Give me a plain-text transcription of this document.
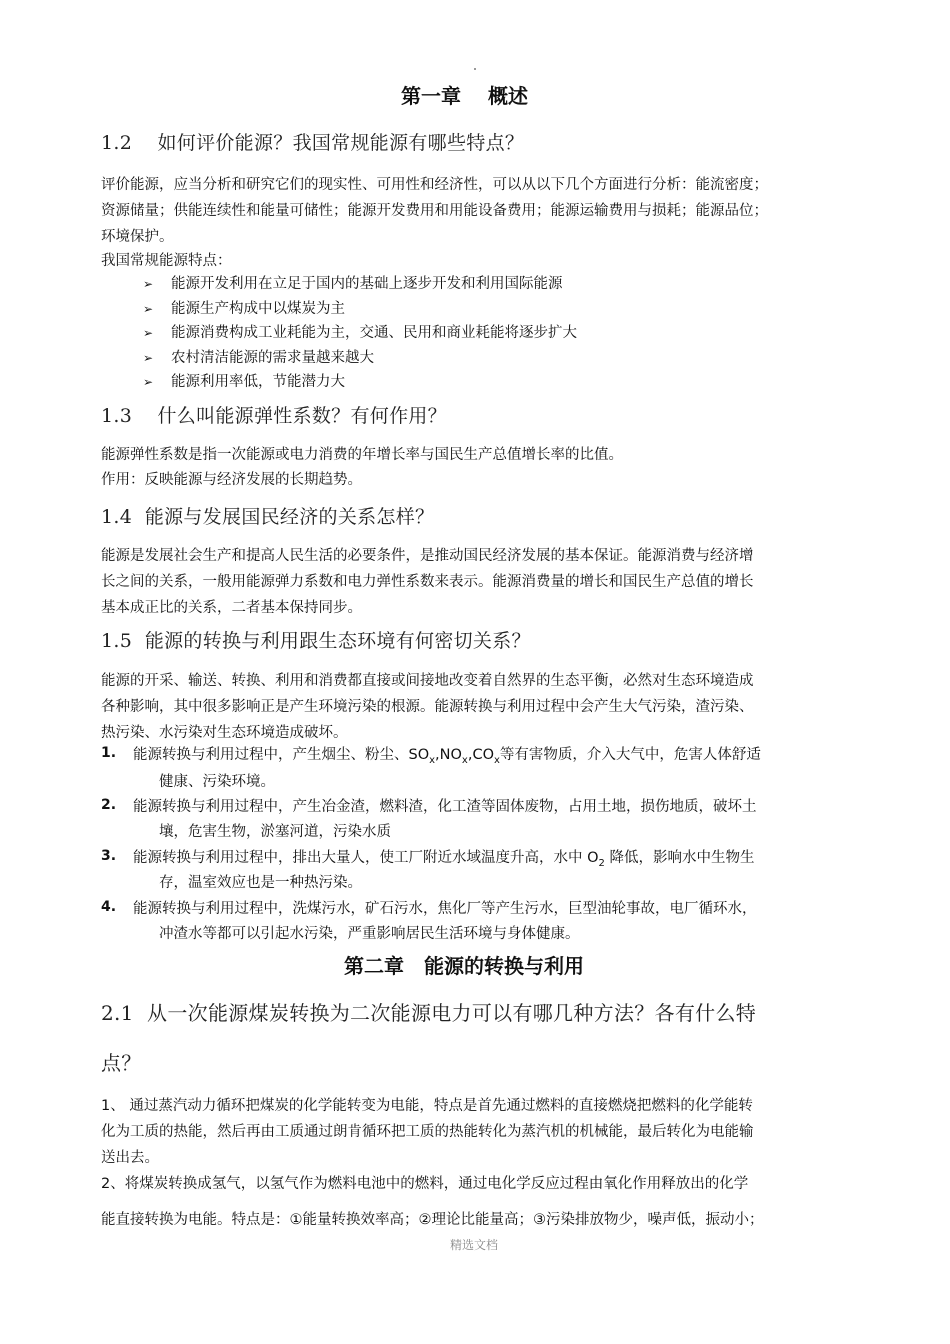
第一章　 概述
1.2 如何评价能源？我国常规能源有哪些特点？
评价能源，应当分析和研究它们的现实性、可用性和经济性，可以从以下几个方面进行分析：能流密度；
资源储量；供能连续性和能量可储性；能源开发费用和用能设备费用；能源运输费用与损耗；能源品位；
环境保护。
我国常规能源特点：
➢ 能源开发利用在立足于国内的基础上逐步开发和利用国际能源
➢ 能源生产构成中以煤炭为主
➢ 能源消费构成工业耗能为主，交通、民用和商业耗能将逐步扩大
➢ 农村清洁能源的需求量越来越大
➢ 能源利用率低，节能潜力大
1.3 什么叫能源弹性系数？有何作用？
能源弹性系数是指一次能源或电力消费的年增长率与国民生产总值增长率的比值。
作用：反映能源与经济发展的长期趋势。
1.4 能源与发展国民经济的关系怎样？
能源是发展社会生产和提高人民生活的必要条件，是推动国民经济发展的基本保证。能源消费与经济增
长之间的关系，一般用能源弹力系数和电力弹性系数来表示。能源消费量的增长和国民生产总值的增长
基本成正比的关系，二者基本保持同步。
1.5 能源的转换与利用跟生态环境有何密切关系？
能源的开采、输送、转换、利用和消费都直接或间接地改变着自然界的生态平衡，必然对生态环境造成
各种影响，其中很多影响正是产生环境污染的根源。能源转换与利用过程中会产生大气污染，渣污染、
热污染、水污染对生态环境造成破坏。
1. 能源转换与利用过程中，产生烟尘、粉尘、$SO_x,NO_x,CO_x$等有害物质，介入大气中，危害人体舒适
健康、污染环境。
2. 能源转换与利用过程中，产生冶金渣，燃料渣，化工渣等固体废物，占用土地，损伤地质，破坏土
壤，危害生物，淤塞河道，污染水质
3. 能源转换与利用过程中，排出大量人，使工厂附近水域温度升高，水中 $O_2$ 降低，影响水中生物生
存，温室效应也是一种热污染。
4. 能源转换与利用过程中，洗煤污水，矿石污水，焦化厂等产生污水，巨型油轮事故，电厂循环水，
冲渣水等都可以引起水污染，严重影响居民生活环境与身体健康。
第二章　能源的转换与利用
2.1 从一次能源煤炭转换为二次能源电力可以有哪几种方法？各有什么特
点？
1、 通过蒸汽动力循环把煤炭的化学能转变为电能，特点是首先通过燃料的直接燃烧把燃料的化学能转
化为工质的热能，然后再由工质通过朗肯循环把工质的热能转化为蒸汽机的机械能，最后转化为电能输
送出去。
2、将煤炭转换成氢气，以氢气作为燃料电池中的燃料，通过电化学反应过程由氧化作用释放出的化学
能直接转换为电能。特点是：①能量转换效率高；②理论比能量高；③污染排放物少，噪声低，振动小；
精选文档
